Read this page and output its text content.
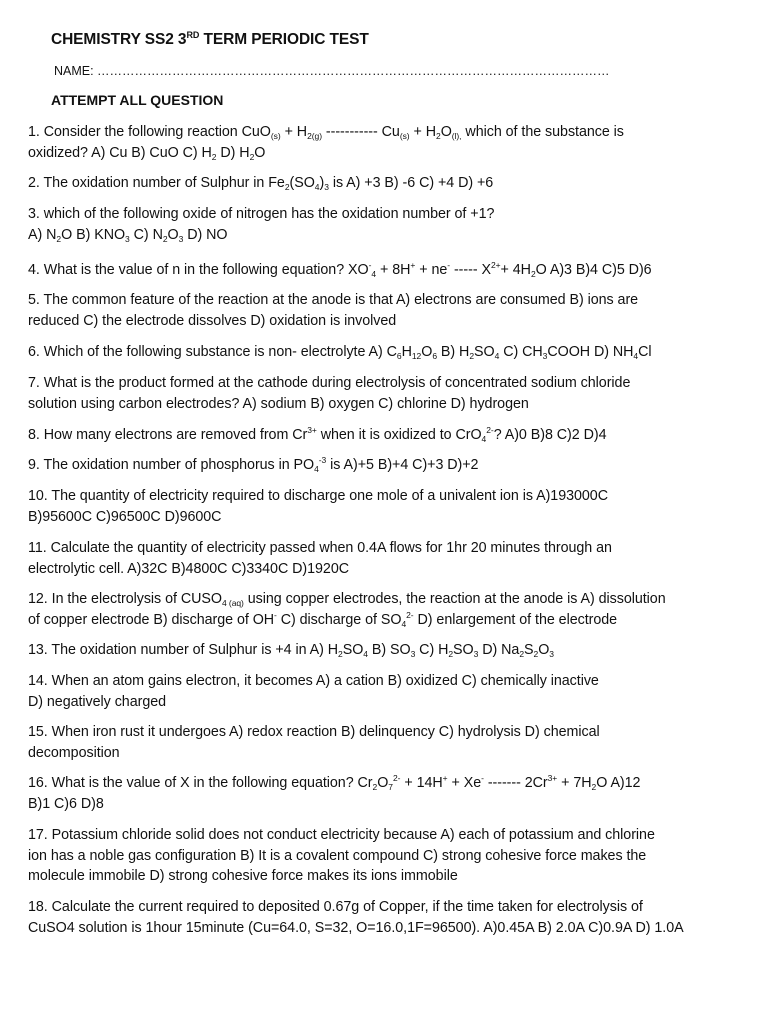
CHEMISTRY SS2 3RD TERM PERIODIC TEST
NAME: ……………………………………………………………………………………………………………
ATTEMPT ALL QUESTION
1. Consider the following reaction $CuO_{(s)} + H_{2(g)}$ ----------- $Cu_{(s)} + H_2O_{(l),}$ which of the substance is
oxidized? A) Cu B) CuO C) $H_2$ D) $H_2O$
2. The oxidation number of Sulphur in $Fe_2(SO_4)_3$ is A) +3 B) -6 C) +4 D) +6
3. which of the following oxide of nitrogen has the oxidation number of +1?
A) $N_2O$ B) $KNO_3$ C) $N_2O_3$ D) NO
4. What is the value of n in the following equation? $XO^-_4 + 8H^+ + ne^-$ ----- $X^{2+}+ 4H_2O$ A)3 B)4 C)5 D)6
5. The common feature of the reaction at the anode is that A) electrons are consumed B) ions are
reduced C) the electrode dissolves D) oxidation is involved
6. Which of the following substance is non- electrolyte A) $C_6H_{12}O_6$ B) $H_2SO_4$ C) $CH_3COOH$ D) $NH_4Cl$
7. What is the product formed at the cathode during electrolysis of concentrated sodium chloride
solution using carbon electrodes? A) sodium B) oxygen C) chlorine D) hydrogen
8. How many electrons are removed from $Cr^{3+}$ when it is oxidized to CrO$_4^{2-}$? A)0 B)8 C)2 D)4
9. The oxidation number of phosphorus in $PO_4^{-3}$ is A)+5 B)+4 C)+3 D)+2
10. The quantity of electricity required to discharge one mole of a univalent ion is A)193000C
B)95600C C)96500C D)9600C
11. Calculate the quantity of electricity passed when 0.4A flows for 1hr 20 minutes through an
electrolytic cell. A)32C B)4800C C)3340C D)1920C
12. In the electrolysis of $CUSO_{4 (aq)}$ using copper electrodes, the reaction at the anode is A) dissolution
of copper electrode B) discharge of OH- C) discharge of $SO_4^{2-}$ D) enlargement of the electrode
13. The oxidation number of Sulphur is +4 in A) $H_2SO_4$ B) $SO_3$ C) $H_2SO_3$ D) $Na_2S_2O_3$
14. When an atom gains electron, it becomes A) a cation B) oxidized C) chemically inactive
D) negatively charged
15. When iron rust it undergoes A) redox reaction B) delinquency C) hydrolysis D) chemical
decomposition
16. What is the value of X in the following equation? $Cr_2O_7^{2-} + 14H^+ + Xe^-$ ------- $2Cr^{3+} + 7H_2O$ A)12
B)1 C)6 D)8
17. Potassium chloride solid does not conduct electricity because A) each of potassium and chlorine
ion has a noble gas configuration B) It is a covalent compound C) strong cohesive force makes the
molecule immobile D) strong cohesive force makes its ions immobile
18. Calculate the current required to deposited 0.67g of Copper, if the time taken for electrolysis of
CuSO4 solution is 1hour 15minute (Cu=64.0, S=32, O=16.0,1F=96500). A)0.45A B) 2.0A C)0.9A D) 1.0A
